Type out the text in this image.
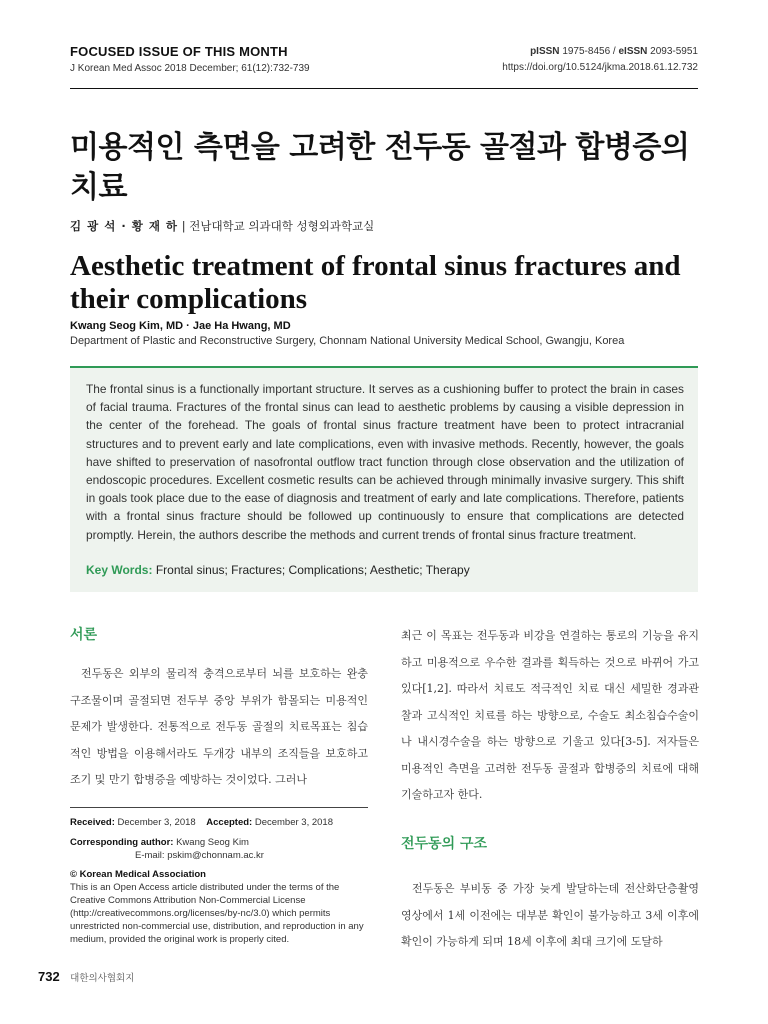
FOCUSED ISSUE OF THIS MONTH
J Korean Med Assoc 2018 December; 61(12):732-739
pISSN 1975-8456 / eISSN 2093-5951
https://doi.org/10.5124/jkma.2018.61.12.732
미용적인 측면을 고려한 전두동 골절과 합병증의
치료
김 광 석 · 황 재 하 | 전남대학교 의과대학 성형외과학교실
Aesthetic treatment of frontal sinus fractures and
their complications
Kwang Seog Kim, MD · Jae Ha Hwang, MD
Department of Plastic and Reconstructive Surgery, Chonnam National University Medical School, Gwangju, Korea
The frontal sinus is a functionally important structure. It serves as a cushioning buffer to protect the brain in cases of facial trauma. Fractures of the frontal sinus can lead to aesthetic problems by causing a visible depression in the center of the forehead. The goals of frontal sinus fracture treatment have been to protect intracranial structures and to prevent early and late complications, even with invasive methods. Recently, however, the goals have shifted to preservation of nasofrontal outflow tract function through close observation and the utilization of endoscopic procedures. Excellent cosmetic results can be achieved through minimally invasive surgery. This shift in goals took place due to the ease of diagnosis and treatment of early and late complications. Therefore, patients with a frontal sinus fracture should be followed up continuously to ensure that complications are detected promptly. Herein, the authors describe the methods and current trends of frontal sinus fracture treatment.
Key Words: Frontal sinus; Fractures; Complications; Aesthetic; Therapy
서론
전두동은 외부의 물리적 충격으로부터 뇌를 보호하는 완충 구조물이며 골절되면 전두부 중앙 부위가 함몰되는 미용적인 문제가 발생한다. 전통적으로 전두동 골절의 치료목표는 침습적인 방법을 이용해서라도 두개강 내부의 조직들을 보호하고 조기 및 만기 합병증을 예방하는 것이었다. 그러나
Received: December 3, 2018 Accepted: December 3, 2018
Corresponding author: Kwang Seog Kim
E-mail: pskim@chonnam.ac.kr
© Korean Medical Association
This is an Open Access article distributed under the terms of the Creative Commons Attribution Non-Commercial License (http://creativecommons.org/licenses/by-nc/3.0) which permits unrestricted non-commercial use, distribution, and reproduction in any medium, provided the original work is properly cited.
최근 이 목표는 전두동과 비강을 연결하는 통로의 기능을 유지하고 미용적으로 우수한 결과를 획득하는 것으로 바뀌어 가고 있다[1,2]. 따라서 치료도 적극적인 치료 대신 세밀한 경과관찰과 고식적인 치료를 하는 방향으로, 수술도 최소침습수술이나 내시경수술을 하는 방향으로 기울고 있다[3-5]. 저자들은 미용적인 측면을 고려한 전두동 골절과 합병증의 치료에 대해 기술하고자 한다.
전두동의 구조
전두동은 부비동 중 가장 늦게 발달하는데 전산화단층촬영 영상에서 1세 이전에는 대부분 확인이 불가능하고 3세 이후에 확인이 가능하게 되며 18세 이후에 최대 크기에 도달하
732 대한의사협회지
